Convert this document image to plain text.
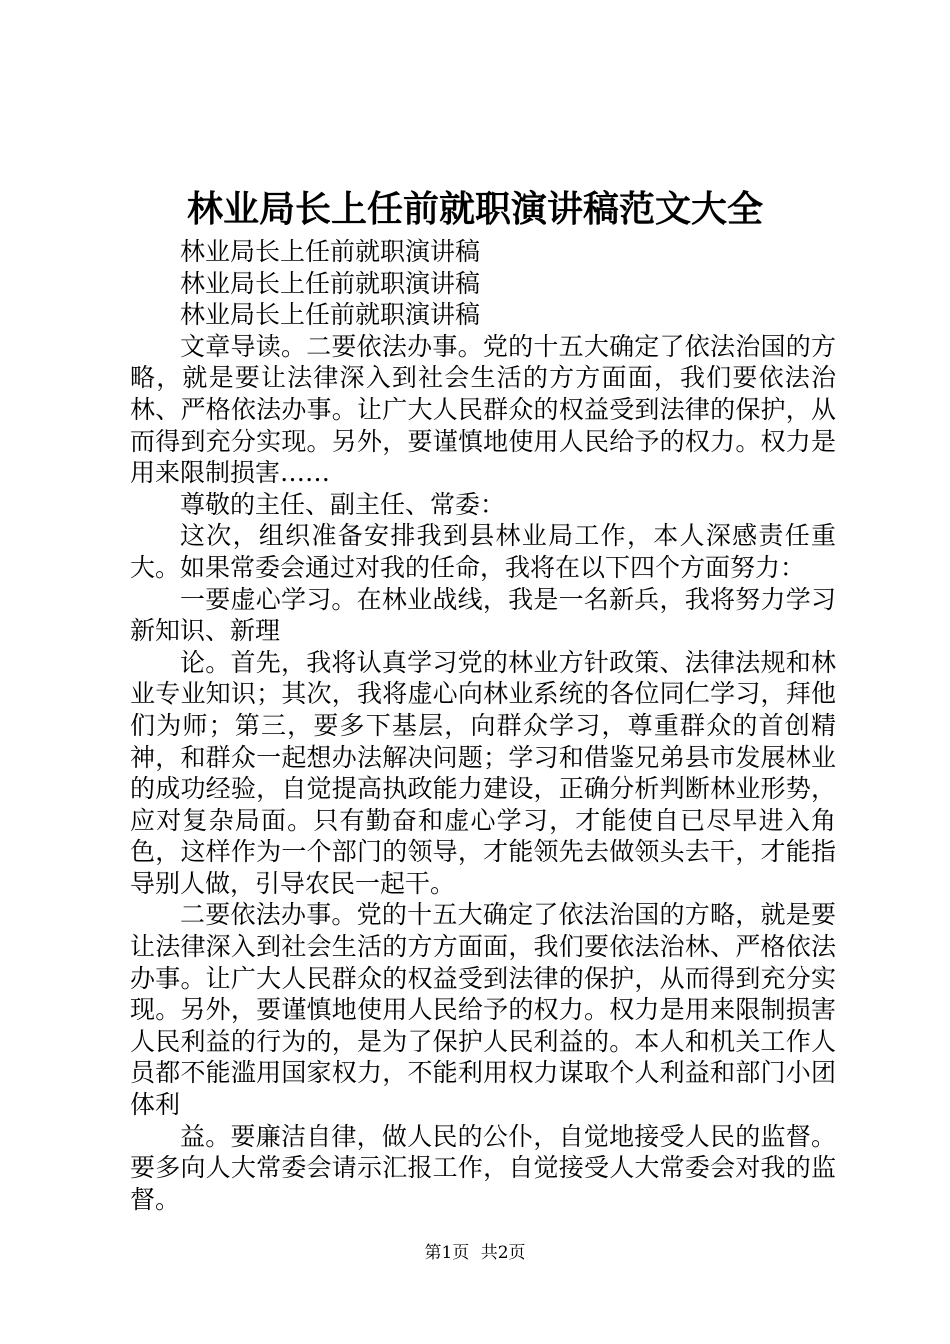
林业局长上任前就职演讲稿范文大全

林业局长上任前就职演讲稿

林业局长上任前就职演讲稿

林业局长上任前就职演讲稿

文章导读。二要依法办事。党的十五大确定了依法治国的方略，就是要让法律深入到社会生活的方方面面，我们要依法治林、严格依法办事。让广大人民群众的权益受到法律的保护，从而得到充分实现。另外，要谨慎地使用人民给予的权力。权力是用来限制损害……

尊敬的主任、副主任、常委：

这次，组织准备安排我到县林业局工作，本人深感责任重大。如果常委会通过对我的任命，我将在以下四个方面努力：

一要虚心学习。在林业战线，我是一名新兵，我将努力学习新知识、新理

论。首先，我将认真学习党的林业方针政策、法律法规和林业专业知识；其次，我将虚心向林业系统的各位同仁学习，拜他们为师；第三，要多下基层，向群众学习，尊重群众的首创精神，和群众一起想办法解决问题；学习和借鉴兄弟县市发展林业的成功经验，自觉提高执政能力建设，正确分析判断林业形势，应对复杂局面。只有勤奋和虚心学习，才能使自已尽早进入角色，这样作为一个部门的领导，才能领先去做领头去干，才能指导别人做，引导农民一起干。

二要依法办事。党的十五大确定了依法治国的方略，就是要让法律深入到社会生活的方方面面，我们要依法治林、严格依法办事。让广大人民群众的权益受到法律的保护，从而得到充分实现。另外，要谨慎地使用人民给予的权力。权力是用来限制损害人民利益的行为的，是为了保护人民利益的。本人和机关工作人员都不能滥用国家权力，不能利用权力谋取个人利益和部门小团体利

益。要廉洁自律，做人民的公仆，自觉地接受人民的监督。要多向人大常委会请示汇报工作，自觉接受人大常委会对我的监督。

第1页 共2页
